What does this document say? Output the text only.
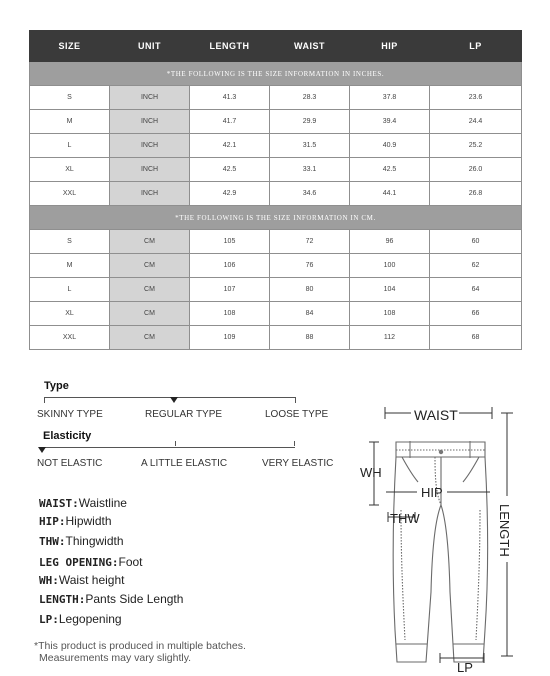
SIZE	UNIT	LENGTH	WAIST	HIP	LP
*THE FOLLOWING IS THE SIZE INFORMATION IN INCHES.					
S	INCH	41.3	28.3	37.8	23.6
M	INCH	41.7	29.9	39.4	24.4
L	INCH	42.1	31.5	40.9	25.2
XL	INCH	42.5	33.1	42.5	26.0
XXL	INCH	42.9	34.6	44.1	26.8
*THE FOLLOWING IS THE SIZE INFORMATION IN CM.					
S	CM	105	72	96	60
M	CM	106	76	100	62
L	CM	107	80	104	64
XL	CM	108	84	108	66
XXL	CM	109	88	112	68
Type
SKINNY TYPE	REGULAR TYPE	LOOSE TYPE
Elasticity
NOT ELASTIC	A LITTLE ELASTIC	VERY ELASTIC
WAIST:Waistline
HIP:Hipwidth
THW:Thingwidth
LEG OPENING:Foot
WH:Waist height
LENGTH:Pants Side Length
LP:Legopening
*This product is produced in multiple batches.
Measurements may vary slightly.
WAIST
WH
HIP
THW	LENGTH
LP
